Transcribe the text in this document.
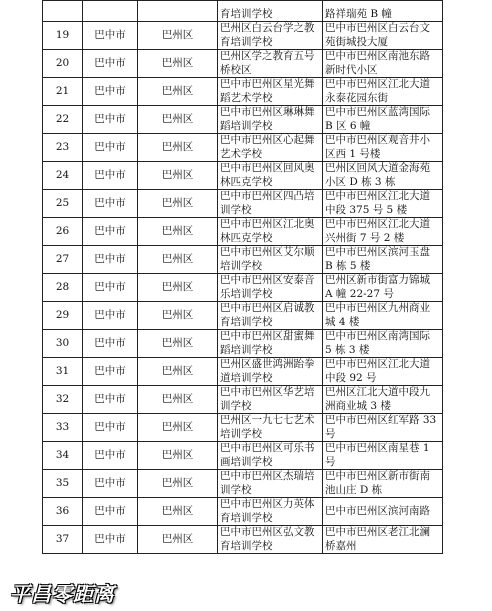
			育培训学校	路祥瑞苑 B 幢
19	巴中市	巴州区	巴州区白云台学之教育培训学校	巴中市巴州区白云台文苑街城投大厦
20	巴中市	巴州区	巴州区学之教育五号桥校区	巴中市巴州区南池东路新时代小区
21	巴中市	巴州区	巴中市巴州区星光舞蹈艺术学校	巴中市巴州区江北大道永泰花园东街
22	巴中市	巴州区	巴中市巴州区琳琳舞蹈培训学校	巴中市巴州区蓝湾国际 B 区 6 幢
23	巴中市	巴州区	巴中市巴州区心起舞艺术学校	巴中市巴州区观音井小区西 1 号楼
24	巴中市	巴州区	巴中市巴州区回风奥林匹克学校	巴州区回风大道金海苑小区 D 栋 3 栋
25	巴中市	巴州区	巴中市巴州区四凸培训学校	巴中市巴州区江北大道中段 375 号 5 楼
26	巴中市	巴州区	巴中市巴州区江北奥林匹克学校	巴中市巴州区江北大道兴州街 7 号 2 楼
27	巴中市	巴州区	巴中市巴州区艾尔顺培训学校	巴中市巴州区滨河玉盘 B 栋 5 楼
28	巴中市	巴州区	巴中市巴州区安泰音乐培训学校	巴州区新市街富力锦城 A 幢 22-27 号
29	巴中市	巴州区	巴中市巴州区启诚教育培训学校	巴中市巴州区九州商业城 4 楼
30	巴中市	巴州区	巴中市巴州区甜蜜舞蹈培训学校	巴中市巴州区南湾国际 5 栋 3 楼
31	巴中市	巴州区	巴州区盛世鸿洲跆拳道培训学校	巴中市巴州区江北大道中段 92 号
32	巴中市	巴州区	巴中市巴州区华艺培训学校	巴州区江北大道中段九洲商业城 3 楼
33	巴中市	巴州区	巴州区一九七七艺术培训学校	巴中市巴州区红军路 33 号
34	巴中市	巴州区	巴中市巴州区可乐书画培训学校	巴中市巴州区南星巷 1 号
35	巴中市	巴州区	巴中市巴州区杰瑞培训学校	巴中市巴州区新市街南池山庄 D 栋
36	巴中市	巴州区	巴中市巴州区力英体育培训学校	巴中市巴州区滨河南路
37	巴中市	巴州区	巴中市巴州区弘文教育培训学校	巴中市巴州区老江北澜桥嘉州
平昌零距离
